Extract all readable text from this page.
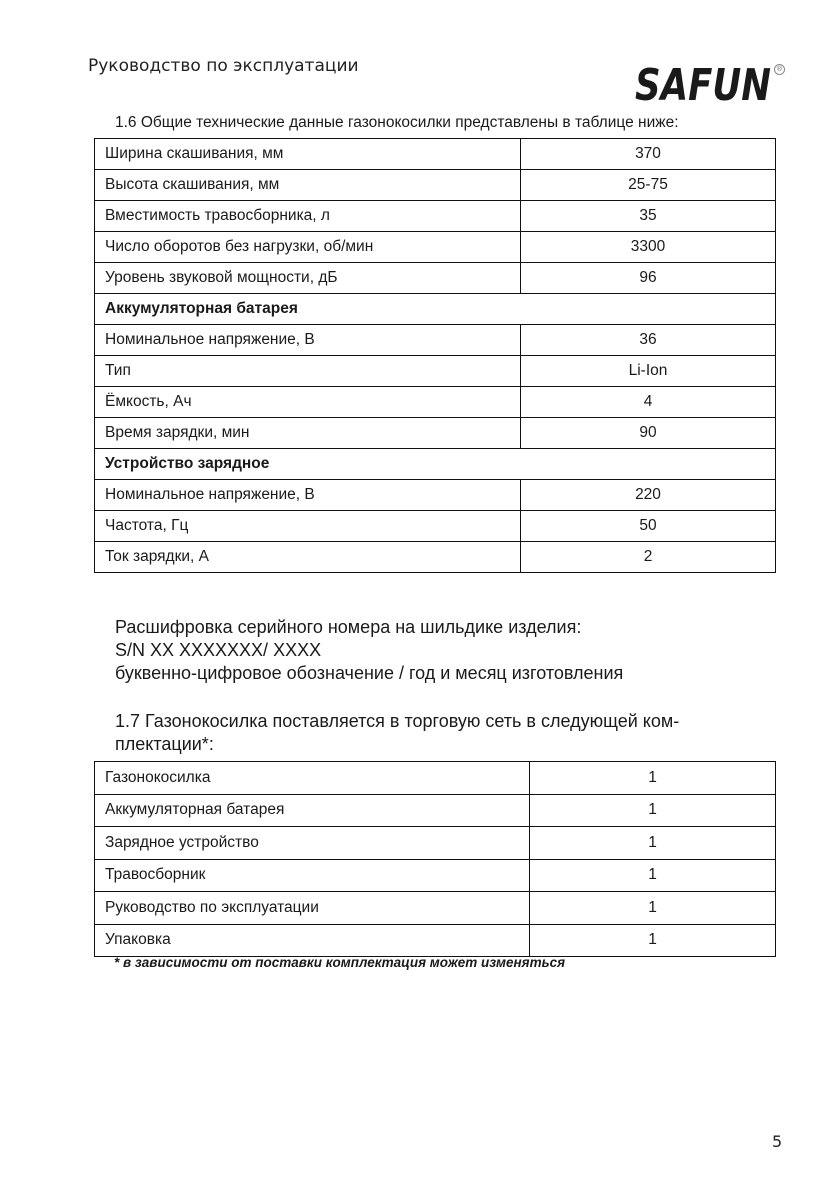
Руководство по эксплуатации	SAFUN ®
1.6 Общие технические данные газонокосилки представлены в таблице ниже:
Ширина скашивания, мм	370
Высота скашивания, мм	25-75
Вместимость травосборника, л	35
Число оборотов без нагрузки, об/мин	3300
Уровень звуковой мощности, дБ	96
Аккумуляторная батарея	
Номинальное напряжение, В	36
Тип	Li-Ion
Ёмкость, Ач	4
Время зарядки, мин	90
Устройство зарядное	
Номинальное напряжение, В	220
Частота, Гц	50
Ток зарядки, А	2
Расшифровка серийного номера на шильдике изделия:
S/N XX XXXXXXX/ XXXX
буквенно-цифровое обозначение / год и месяц изготовления
1.7 Газонокосилка поставляется в торговую сеть в следующей ком-
плектации*:
Газонокосилка	1
Аккумуляторная батарея	1
Зарядное устройство	1
Травосборник	1
Руководство по эксплуатации	1
Упаковка	1
* в зависимости от поставки комплектация может изменяться
5
